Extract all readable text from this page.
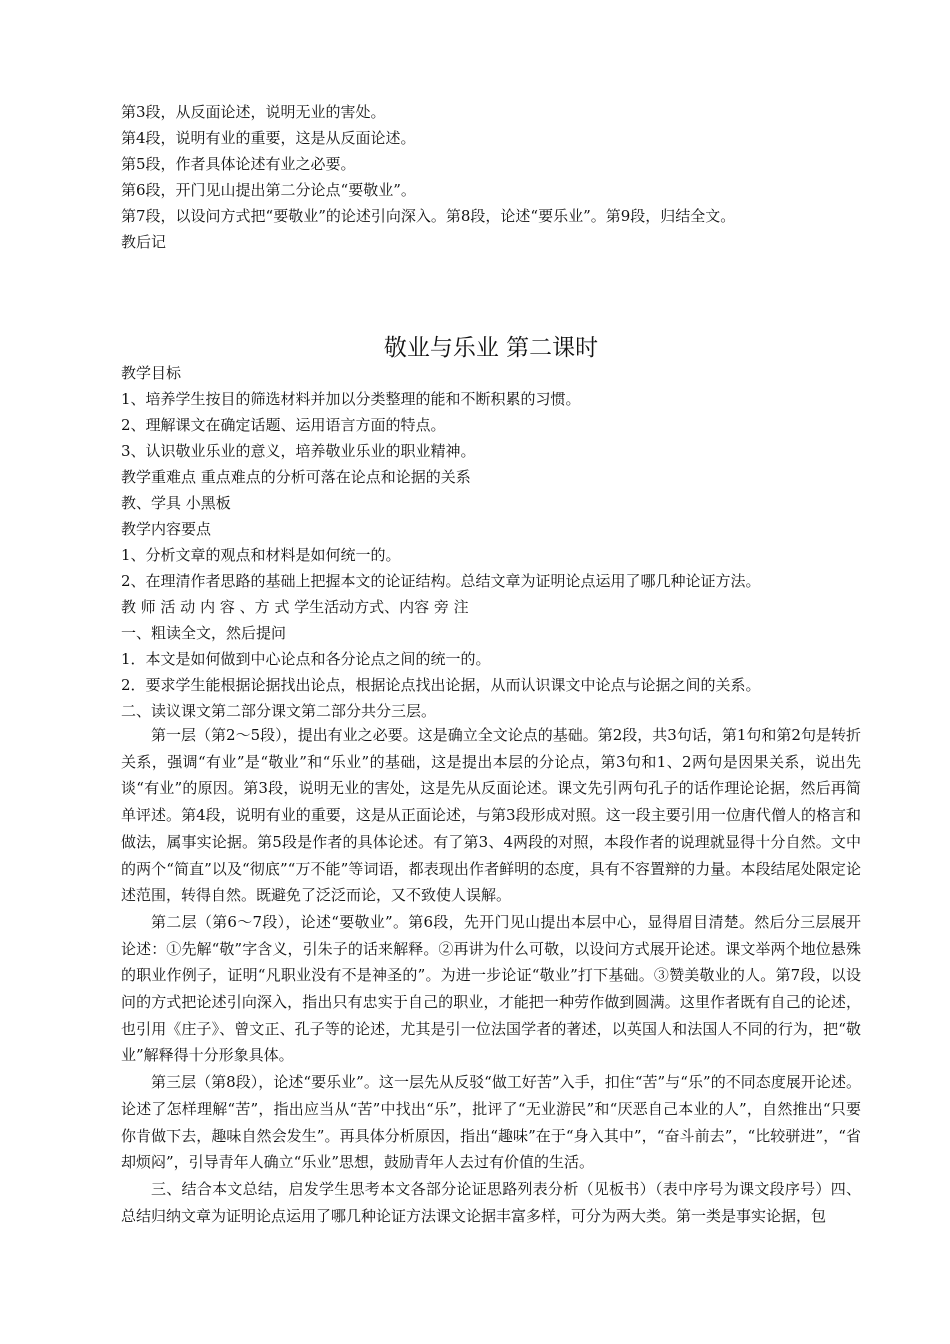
第3段，从反面论述，说明无业的害处。

第4段，说明有业的重要，这是从反面论述。

第5段，作者具体论述有业之必要。

第6段，开门见山提出第二分论点“要敬业”。

第7段，以设问方式把“要敬业”的论述引向深入。第8段，论述“要乐业”。第9段，归结全文。

教后记

敬业与乐业 第二课时

教学目标

1、培养学生按目的筛选材料并加以分类整理的能和不断积累的习惯。

2、理解课文在确定话题、运用语言方面的特点。

3、认识敬业乐业的意义，培养敬业乐业的职业精神。

教学重难点 重点难点的分析可落在论点和论据的关系

教、学具 小黑板

教学内容要点

1、分析文章的观点和材料是如何统一的。

2、在理清作者思路的基础上把握本文的论证结构。总结文章为证明论点运用了哪几种论证方法。

教 师 活 动 内 容 、方 式 学生活动方式、内容 旁 注

一、粗读全文，然后提问

1．本文是如何做到中心论点和各分论点之间的统一的。

2．要求学生能根据论据找出论点，根据论点找出论据，从而认识课文中论点与论据之间的关系。

二、读议课文第二部分课文第二部分共分三层。

第一层（第2～5段），提出有业之必要。这是确立全文论点的基础。第2段，共3句话，第1句和第2句是转折关系，强调“有业”是“敬业”和“乐业”的基础，这是提出本层的分论点，第3句和1、2两句是因果关系，说出先谈“有业”的原因。第3段，说明无业的害处，这是先从反面论述。课文先引两句孔子的话作理论论据，然后再简单评述。第4段，说明有业的重要，这是从正面论述，与第3段形成对照。这一段主要引用一位唐代僧人的格言和做法，属事实论据。第5段是作者的具体论述。有了第3、4两段的对照，本段作者的说理就显得十分自然。文中的两个“简直”以及“彻底”“万不能”等词语，都表现出作者鲜明的态度，具有不容置辩的力量。本段结尾处限定论述范围，转得自然。既避免了泛泛而论，又不致使人误解。

第二层（第6～7段），论述“要敬业”。第6段，先开门见山提出本层中心，显得眉目清楚。然后分三层展开论述：①先解“敬”字含义，引朱子的话来解释。②再讲为什么可敬，以设问方式展开论述。课文举两个地位悬殊的职业作例子，证明“凡职业没有不是神圣的”。为进一步论证“敬业”打下基础。③赞美敬业的人。第7段，以设问的方式把论述引向深入，指出只有忠实于自己的职业，才能把一种劳作做到圆满。这里作者既有自己的论述，也引用《庄子》、曾文正、孔子等的论述，尤其是引一位法国学者的著述，以英国人和法国人不同的行为，把“敬业”解释得十分形象具体。

第三层（第8段），论述“要乐业”。这一层先从反驳“做工好苦”入手，扣住“苦”与“乐”的不同态度展开论述。论述了怎样理解“苦”，指出应当从“苦”中找出“乐”，批评了“无业游民”和“厌恶自己本业的人”，自然推出“只要你肯做下去，趣味自然会发生”。再具体分析原因，指出“趣味”在于“身入其中”，“奋斗前去”，“比较骈进”，“省却烦闷”，引导青年人确立“乐业”思想，鼓励青年人去过有价值的生活。

三、结合本文总结，启发学生思考本文各部分论证思路列表分析（见板书）（表中序号为课文段序号）四、总结归纳文章为证明论点运用了哪几种论证方法课文论据丰富多样，可分为两大类。第一类是事实论据，包
